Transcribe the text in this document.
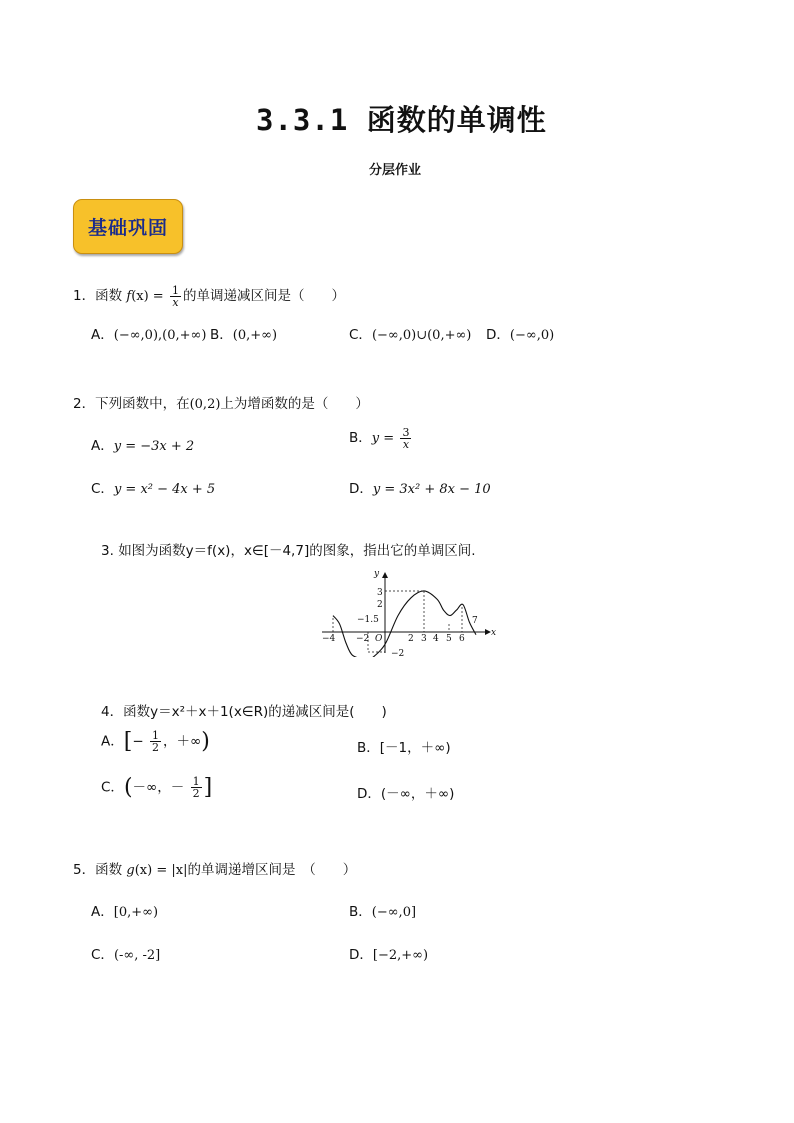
3.3.1 函数的单调性
分层作业
基础巩固
1．函数 $f(x) = \frac{1}{x}$ 的单调递减区间是（　　）
A．(−∞,0),(0,+∞) B．(0,+∞)	C．(−∞,0)∪(0,+∞) D．(−∞,0)
2．下列函数中，在(0,2)上为增函数的是（　　）
A．y = −3x + 2
B．$y = \frac{3}{x}$
C．y = x² − 4x + 5	D．y = 3x² + 8x − 10
3. 如图为函数y＝f(x)，x∈[－4,7]的图象，指出它的单调区间.
x
y
O
−4 −2
−1.5
2 3 4 5 6
7
3
2
−2
4．函数y＝x²＋x＋1(x∈R)的递减区间是(　　)
A．[− $\frac{1}{2}$ ，＋∞)	B．[－1，＋∞)
C．(－∞，－ $\frac{1}{2}$ ]	D．(－∞，＋∞)
5．函数 g(x) = |x|的单调递增区间是　（　　）
A．[0,+∞)	B．(−∞,0]
C．(-∞, -2]	D．[−2,+∞)
